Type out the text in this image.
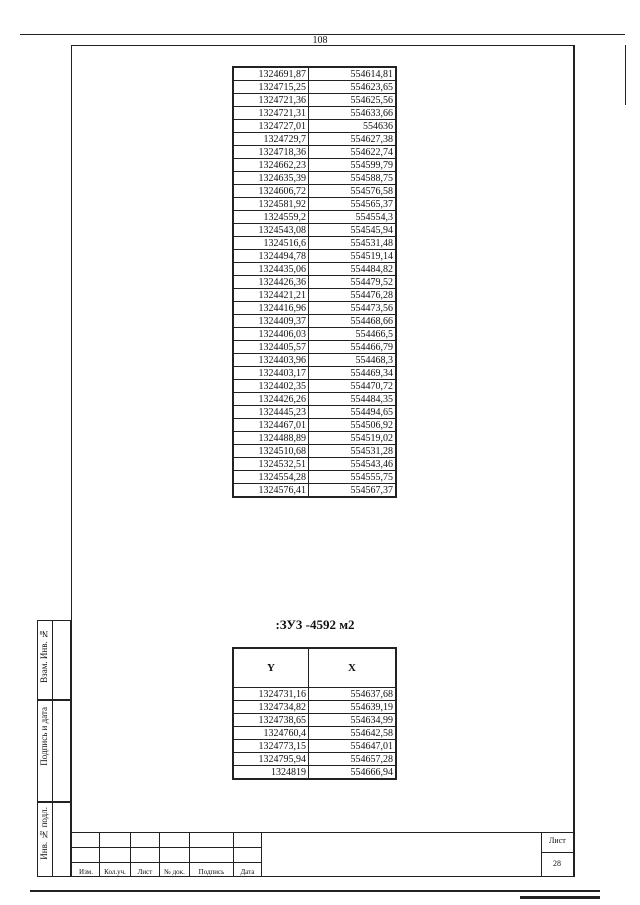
108
1324691,87	554614,81
1324715,25	554623,65
1324721,36	554625,56
1324721,31	554633,66
1324727,01	554636
1324729,7	554627,38
1324718,36	554622,74
1324662,23	554599,79
1324635,39	554588,75
1324606,72	554576,58
1324581,92	554565,37
1324559,2	554554,3
1324543,08	554545,94
1324516,6	554531,48
1324494,78	554519,14
1324435,06	554484,82
1324426,36	554479,52
1324421,21	554476,28
1324416,96	554473,56
1324409,37	554468,66
1324406,03	554466,5
1324405,57	554466,79
1324403,96	554468,3
1324403,17	554469,34
1324402,35	554470,72
1324426,26	554484,35
1324445,23	554494,65
1324467,01	554506,92
1324488,89	554519,02
1324510,68	554531,28
1324532,51	554543,46
1324554,28	554555,75
1324576,41	554567,37
:ЗУ3 -4592 м2
Y	X
1324731,16	554637,68
1324734,82	554639,19
1324738,65	554634,99
1324760,4	554642,58
1324773,15	554647,01
1324795,94	554657,28
1324819	554666,94
Взам. Инв. №
Подпись и дата
Инв. № подл.
Изм.	Кол.уч.	Лист	№ док.	Подпись	Дата
Лист
28
